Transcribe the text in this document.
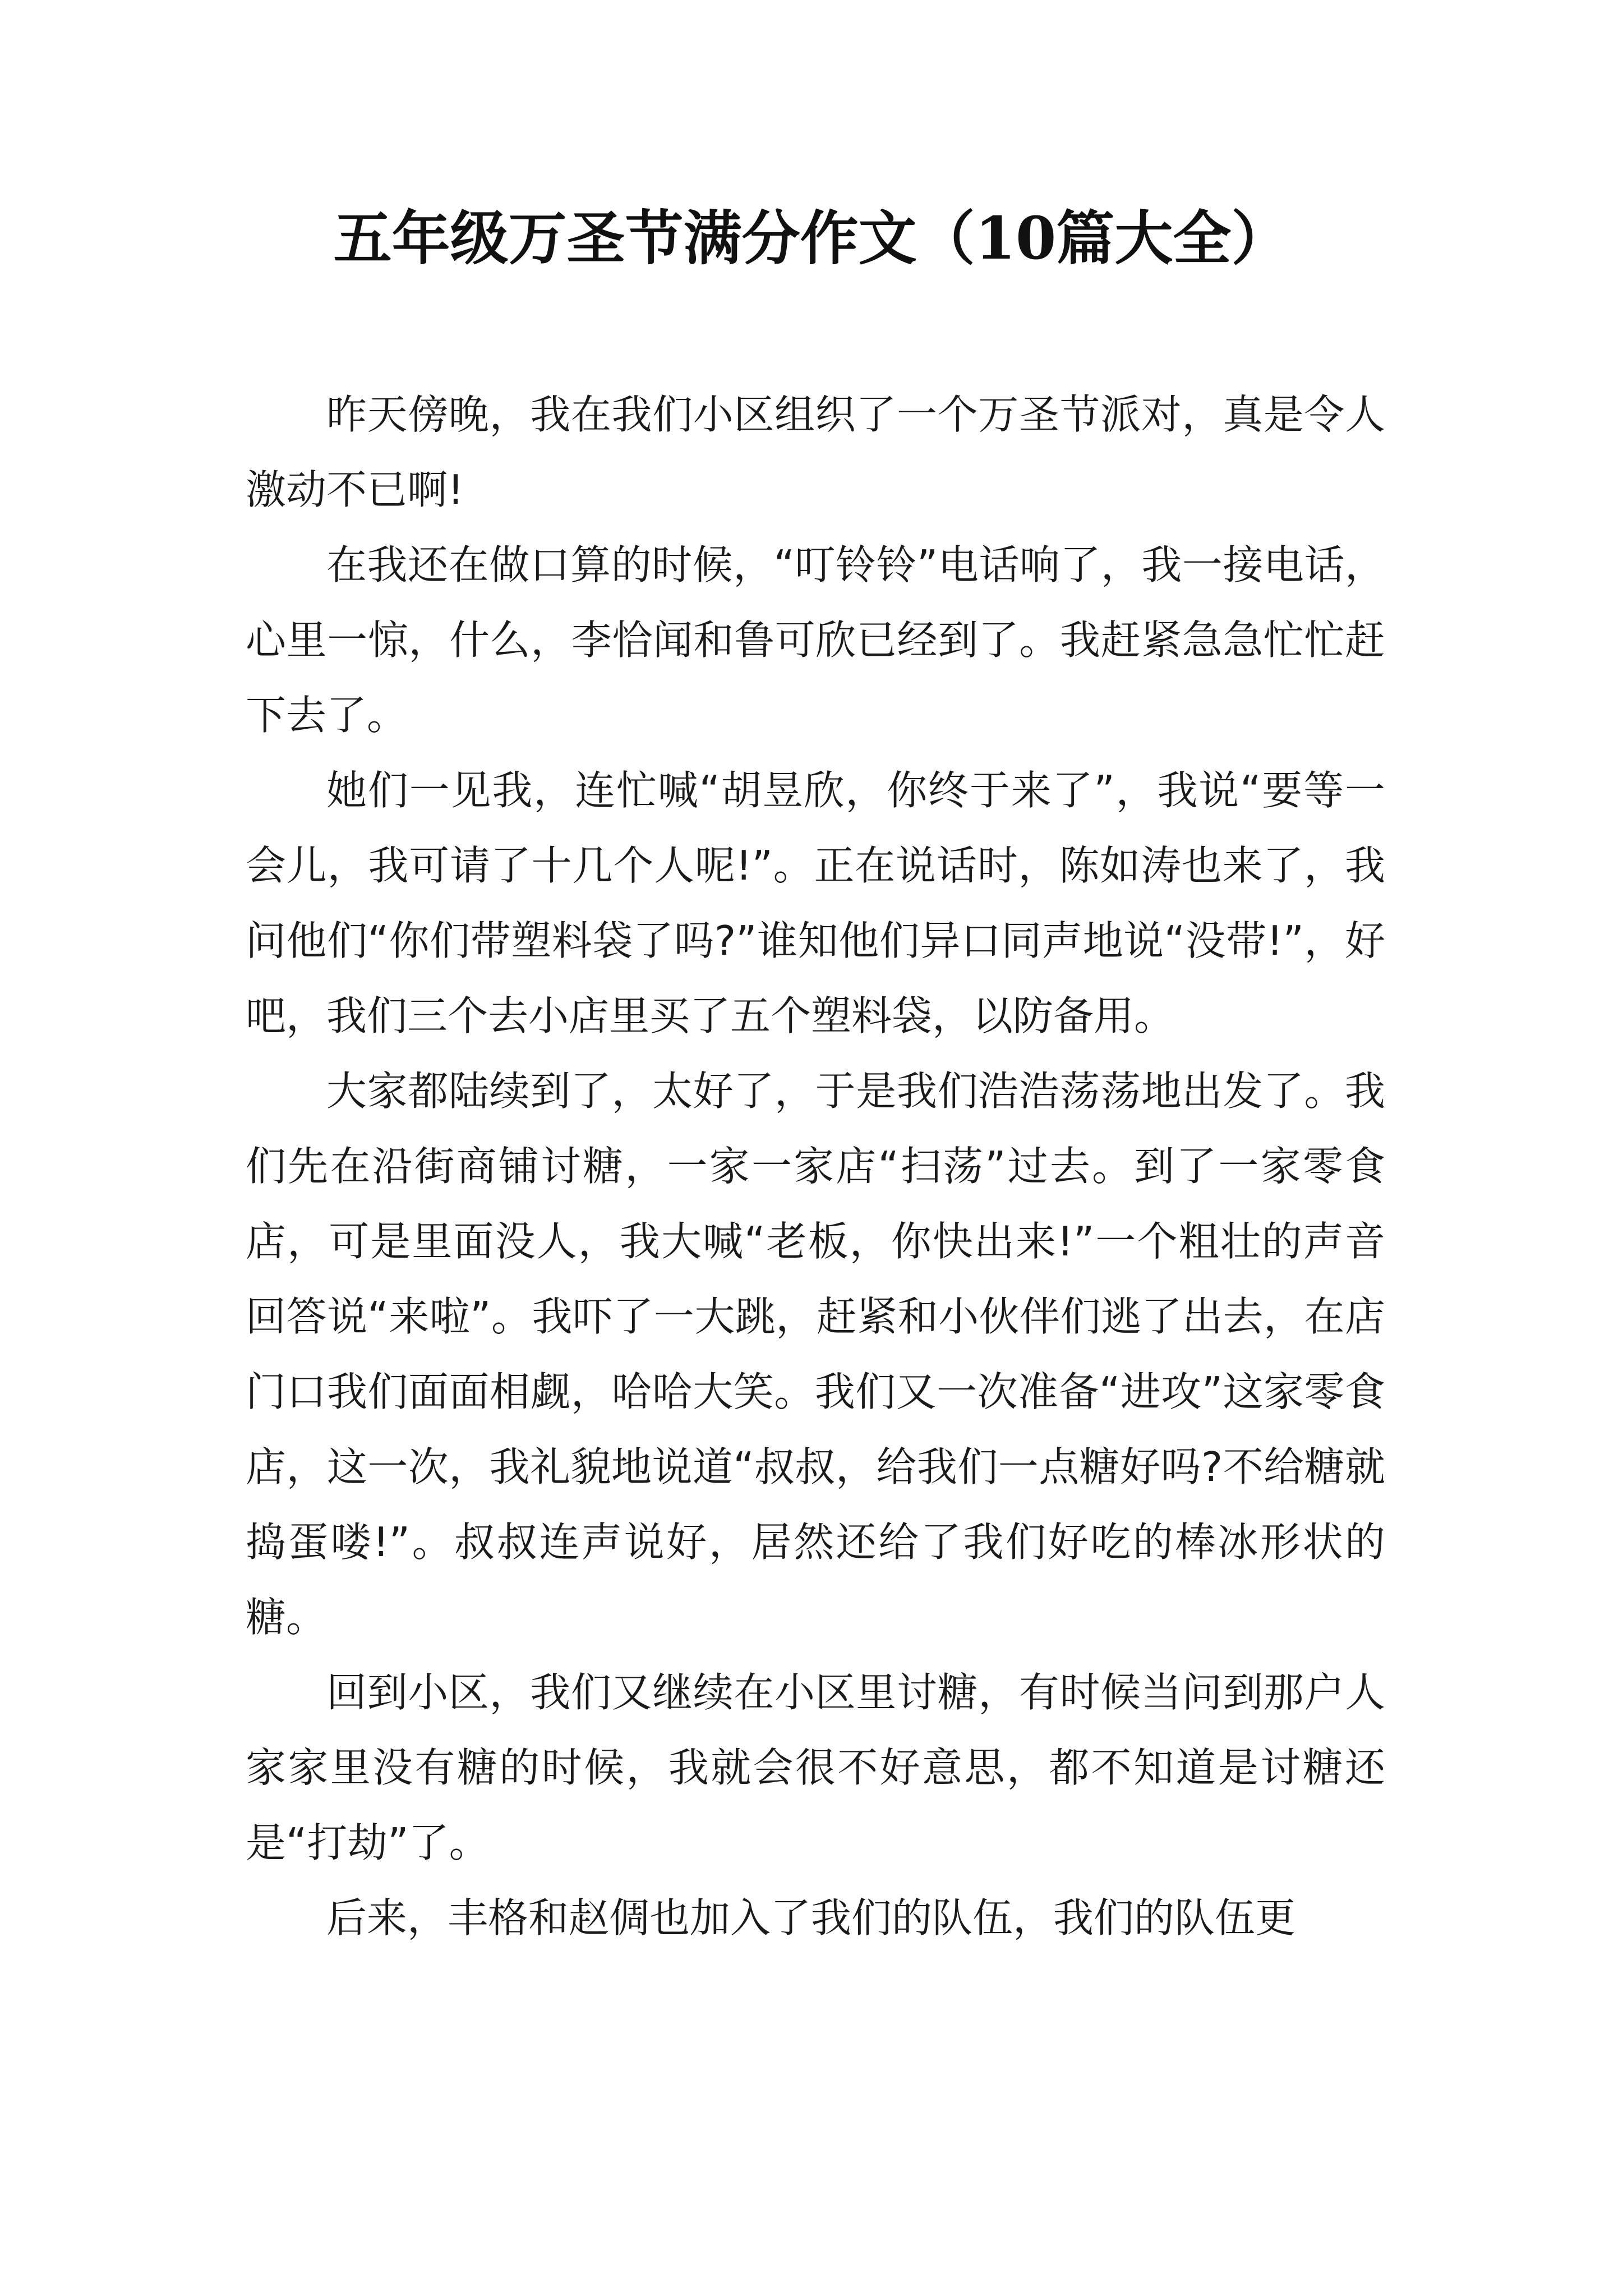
五年级万圣节满分作文（10篇大全）

昨天傍晚，我在我们小区组织了一个万圣节派对，真是令人激动不已啊!

在我还在做口算的时候，“叮铃铃”电话响了，我一接电话，心里一惊，什么，李恰闻和鲁可欣已经到了。我赶紧急急忙忙赶下去了。

她们一见我，连忙喊“胡昱欣，你终于来了”，我说“要等一会儿，我可请了十几个人呢!”。正在说话时，陈如涛也来了，我问他们“你们带塑料袋了吗?”谁知他们异口同声地说“没带!”，好吧，我们三个去小店里买了五个塑料袋，以防备用。

大家都陆续到了，太好了，于是我们浩浩荡荡地出发了。我们先在沿街商铺讨糖，一家一家店“扫荡”过去。到了一家零食店，可是里面没人，我大喊“老板，你快出来!”一个粗壮的声音回答说“来啦”。我吓了一大跳，赶紧和小伙伴们逃了出去，在店门口我们面面相觑，哈哈大笑。我们又一次准备“进攻”这家零食店，这一次，我礼貌地说道“叔叔，给我们一点糖好吗?不给糖就捣蛋喽!”。叔叔连声说好，居然还给了我们好吃的棒冰形状的糖。

回到小区，我们又继续在小区里讨糖，有时候当问到那户人家家里没有糖的时候，我就会很不好意思，都不知道是讨糖还是“打劫”了。

后来，丰格和赵倜也加入了我们的队伍，我们的队伍更
